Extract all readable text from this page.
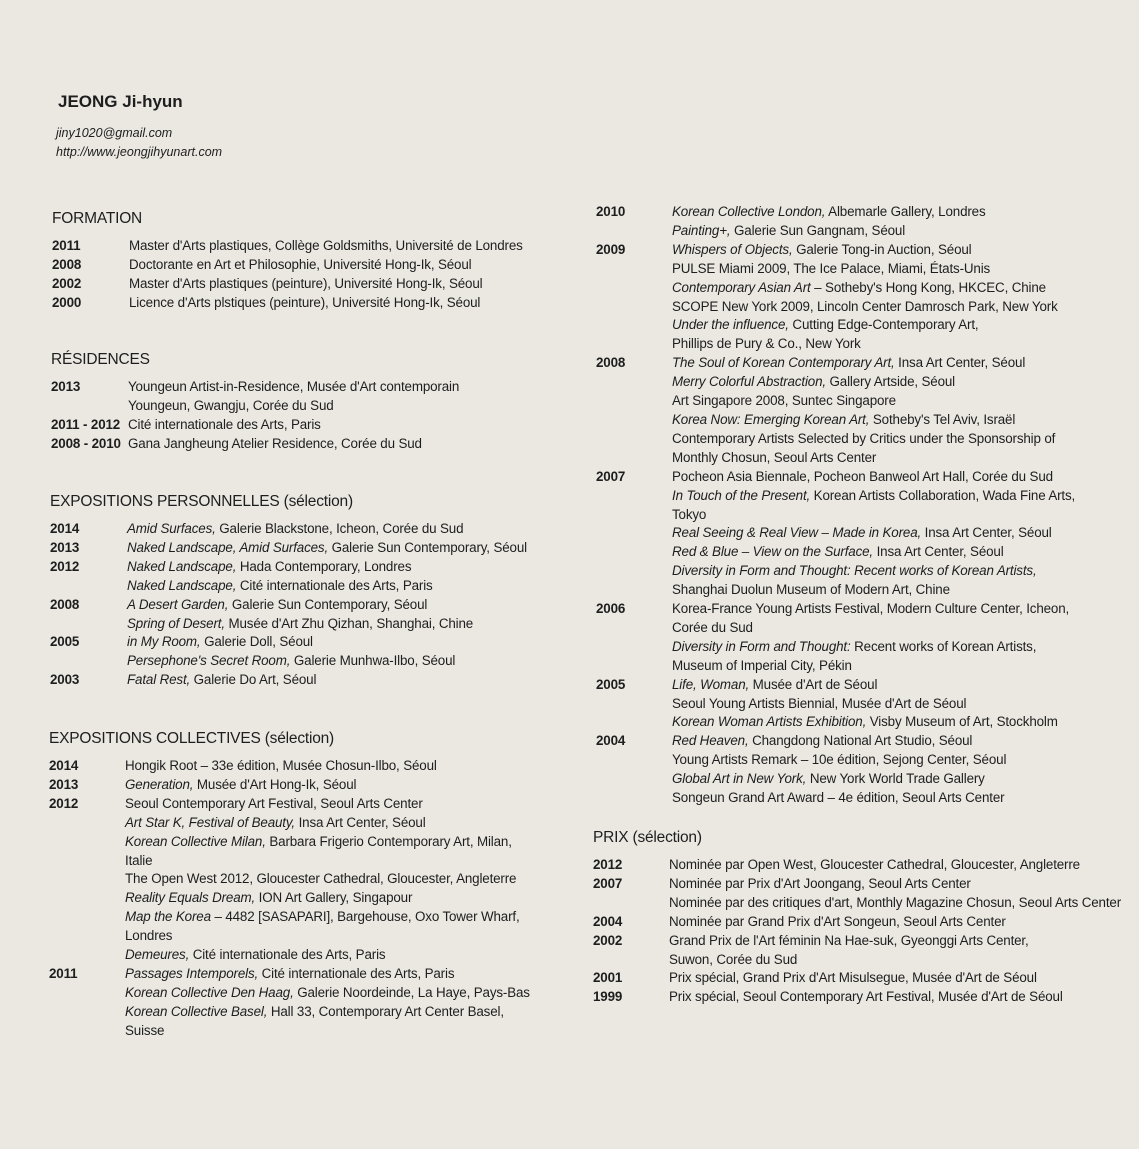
JEONG Ji-hyun
jiny1020@gmail.com
http://www.jeongjihyunart.com
FORMATION
2011	Master d'Arts plastiques, Collège Goldsmiths, Université de Londres
2008	Doctorante en Art et Philosophie, Université Hong-Ik, Séoul
2002	Master d'Arts plastiques (peinture), Université Hong-Ik, Séoul
2000	Licence d'Arts plstiques (peinture), Université Hong-Ik, Séoul
RÉSIDENCES
2013	Youngeun Artist-in-Residence, Musée d'Art contemporain
Youngeun, Gwangju, Corée du Sud
2011 - 2012 Cité internationale des Arts, Paris
2008 - 2010 Gana Jangheung Atelier Residence, Corée du Sud
EXPOSITIONS PERSONNELLES (sélection)
2014	Amid Surfaces, Galerie Blackstone, Icheon, Corée du Sud
2013	Naked Landscape, Amid Surfaces, Galerie Sun Contemporary, Séoul
2012	Naked Landscape, Hada Contemporary, Londres
Naked Landscape, Cité internationale des Arts, Paris
2008	A Desert Garden, Galerie Sun Contemporary, Séoul
Spring of Desert, Musée d'Art Zhu Qizhan, Shanghai, Chine
2005	in My Room, Galerie Doll, Séoul
Persephone's Secret Room, Galerie Munhwa-Ilbo, Séoul
2003	Fatal Rest, Galerie Do Art, Séoul
EXPOSITIONS COLLECTIVES (sélection)
2014	Hongik Root – 33e édition, Musée Chosun-Ilbo, Séoul
2013	Generation, Musée d'Art Hong-Ik, Séoul
2012	Seoul Contemporary Art Festival, Seoul Arts Center
Art Star K, Festival of Beauty, Insa Art Center, Séoul
Korean Collective Milan, Barbara Frigerio Contemporary Art, Milan,
Italie
The Open West 2012, Gloucester Cathedral, Gloucester, Angleterre
Reality Equals Dream, ION Art Gallery, Singapour
Map the Korea – 4482 [SASAPARI], Bargehouse, Oxo Tower Wharf,
Londres
Demeures, Cité internationale des Arts, Paris
2011	Passages Intemporels, Cité internationale des Arts, Paris
Korean Collective Den Haag, Galerie Noordeinde, La Haye, Pays-Bas
Korean Collective Basel, Hall 33, Contemporary Art Center Basel,
Suisse
2010	Korean Collective London, Albemarle Gallery, Londres
Painting+, Galerie Sun Gangnam, Séoul
2009	Whispers of Objects, Galerie Tong-in Auction, Séoul
PULSE Miami 2009, The Ice Palace, Miami, États-Unis
Contemporary Asian Art – Sotheby's Hong Kong, HKCEC, Chine
SCOPE New York 2009, Lincoln Center Damrosch Park, New York
Under the influence, Cutting Edge-Contemporary Art,
Phillips de Pury & Co., New York
2008	The Soul of Korean Contemporary Art, Insa Art Center, Séoul
Merry Colorful Abstraction, Gallery Artside, Séoul
Art Singapore 2008, Suntec Singapore
Korea Now: Emerging Korean Art, Sotheby's Tel Aviv, Israël
Contemporary Artists Selected by Critics under the Sponsorship of
Monthly Chosun, Seoul Arts Center
2007	Pocheon Asia Biennale, Pocheon Banweol Art Hall, Corée du Sud
In Touch of the Present, Korean Artists Collaboration, Wada Fine Arts,
Tokyo
Real Seeing & Real View – Made in Korea, Insa Art Center, Séoul
Red & Blue – View on the Surface, Insa Art Center, Séoul
Diversity in Form and Thought: Recent works of Korean Artists,
Shanghai Duolun Museum of Modern Art, Chine
2006	Korea-France Young Artists Festival, Modern Culture Center, Icheon,
Corée du Sud
Diversity in Form and Thought: Recent works of Korean Artists,
Museum of Imperial City, Pékin
2005	Life, Woman, Musée d'Art de Séoul
Seoul Young Artists Biennial, Musée d'Art de Séoul
Korean Woman Artists Exhibition, Visby Museum of Art, Stockholm
2004	Red Heaven, Changdong National Art Studio, Séoul
Young Artists Remark – 10e édition, Sejong Center, Séoul
Global Art in New York, New York World Trade Gallery
Songeun Grand Art Award – 4e édition, Seoul Arts Center
PRIX (sélection)
2012	Nominée par Open West, Gloucester Cathedral, Gloucester, Angleterre
2007	Nominée par Prix d'Art Joongang, Seoul Arts Center
Nominée par des critiques d'art, Monthly Magazine Chosun, Seoul Arts Center
2004	Nominée par Grand Prix d'Art Songeun, Seoul Arts Center
2002	Grand Prix de l'Art féminin Na Hae-suk, Gyeonggi Arts Center,
Suwon, Corée du Sud
2001	Prix spécial, Grand Prix d'Art Misulsegue, Musée d'Art de Séoul
1999	Prix spécial, Seoul Contemporary Art Festival, Musée d'Art de Séoul
